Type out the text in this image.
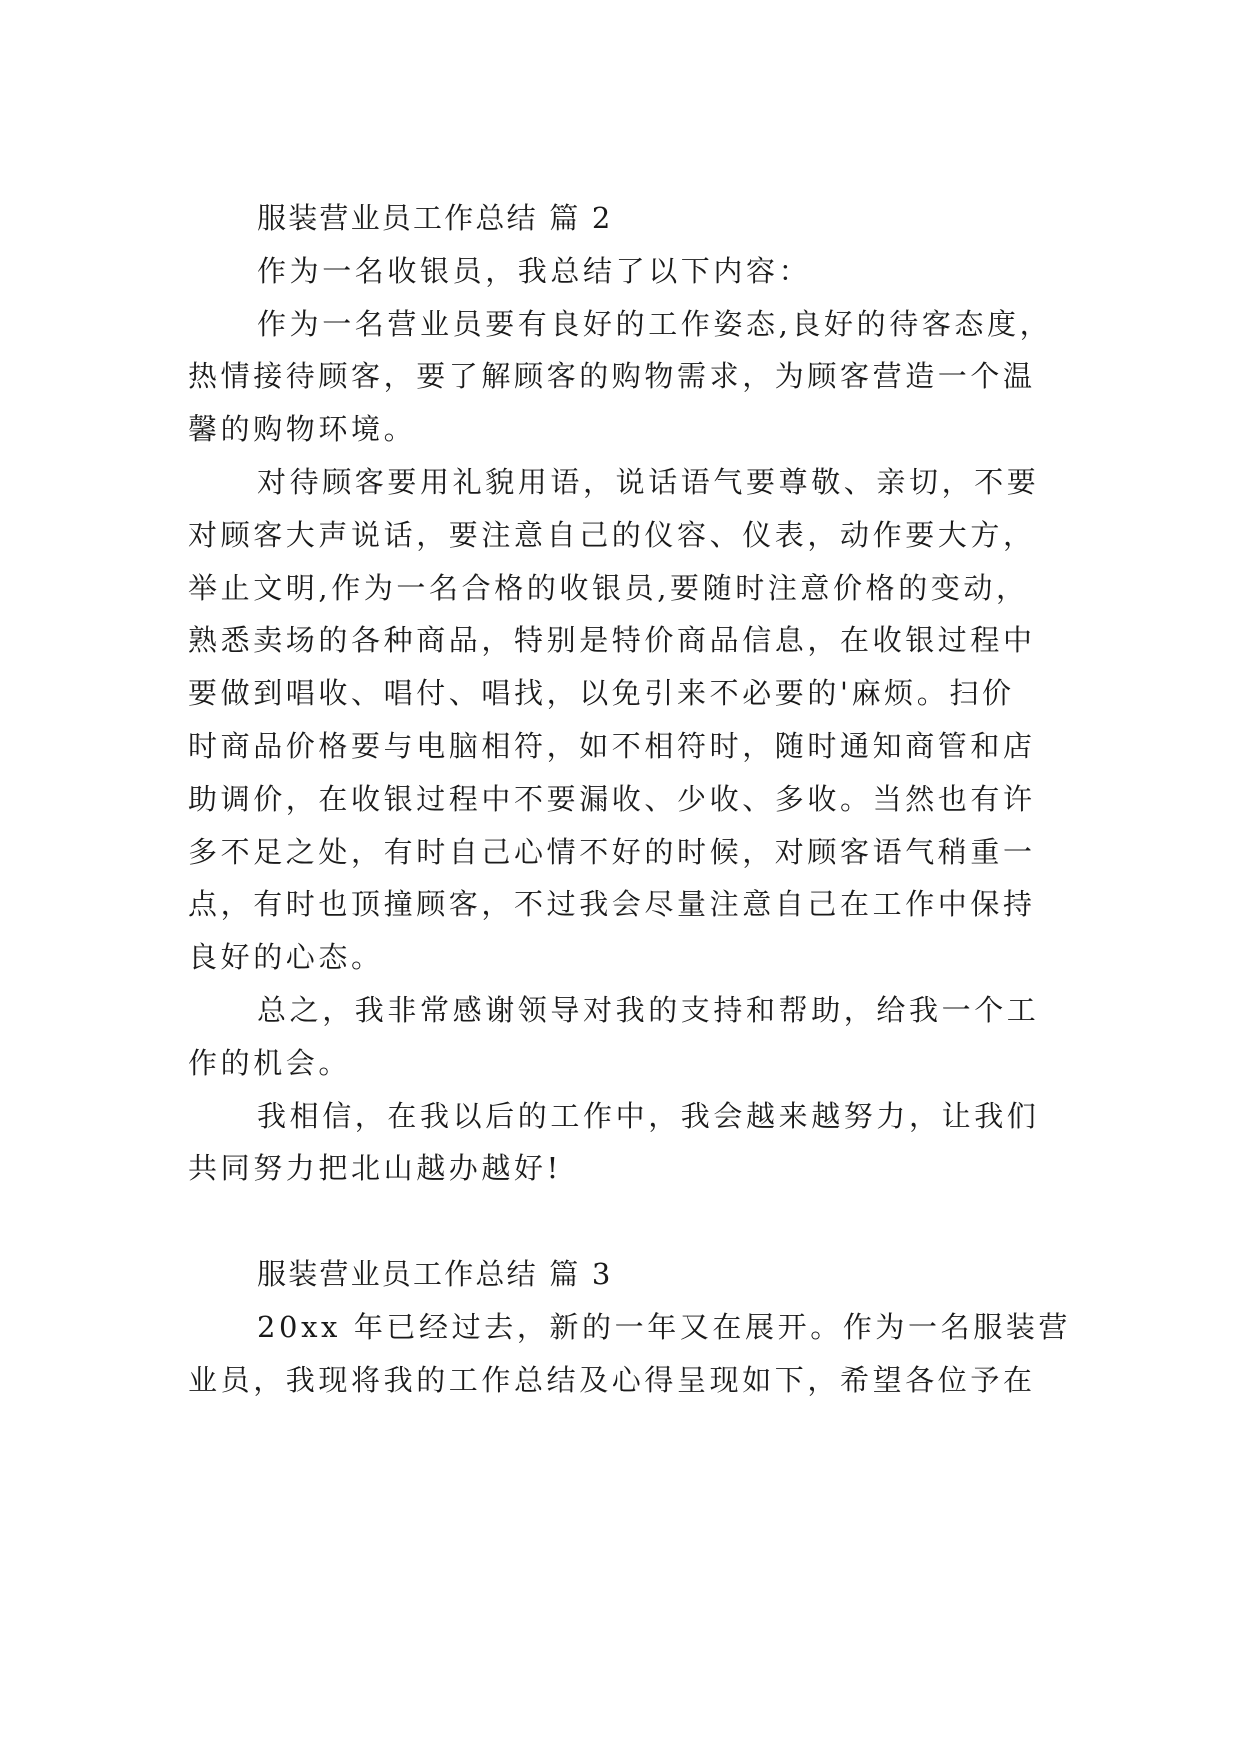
服装营业员工作总结 篇 2
作为一名收银员，我总结了以下内容：
作为一名营业员要有良好的工作姿态,良好的待客态度，
热情接待顾客，要了解顾客的购物需求，为顾客营造一个温
馨的购物环境。
对待顾客要用礼貌用语，说话语气要尊敬、亲切，不要
对顾客大声说话，要注意自己的仪容、仪表，动作要大方，
举止文明,作为一名合格的收银员,要随时注意价格的变动，
熟悉卖场的各种商品，特别是特价商品信息，在收银过程中
要做到唱收、唱付、唱找，以免引来不必要的'麻烦。扫价
时商品价格要与电脑相符，如不相符时，随时通知商管和店
助调价，在收银过程中不要漏收、少收、多收。当然也有许
多不足之处，有时自己心情不好的时候，对顾客语气稍重一
点，有时也顶撞顾客，不过我会尽量注意自己在工作中保持
良好的心态。
总之，我非常感谢领导对我的支持和帮助，给我一个工
作的机会。
我相信，在我以后的工作中，我会越来越努力，让我们
共同努力把北山越办越好!
服装营业员工作总结 篇 3
20xx 年已经过去，新的一年又在展开。作为一名服装营
业员，我现将我的工作总结及心得呈现如下，希望各位予在
